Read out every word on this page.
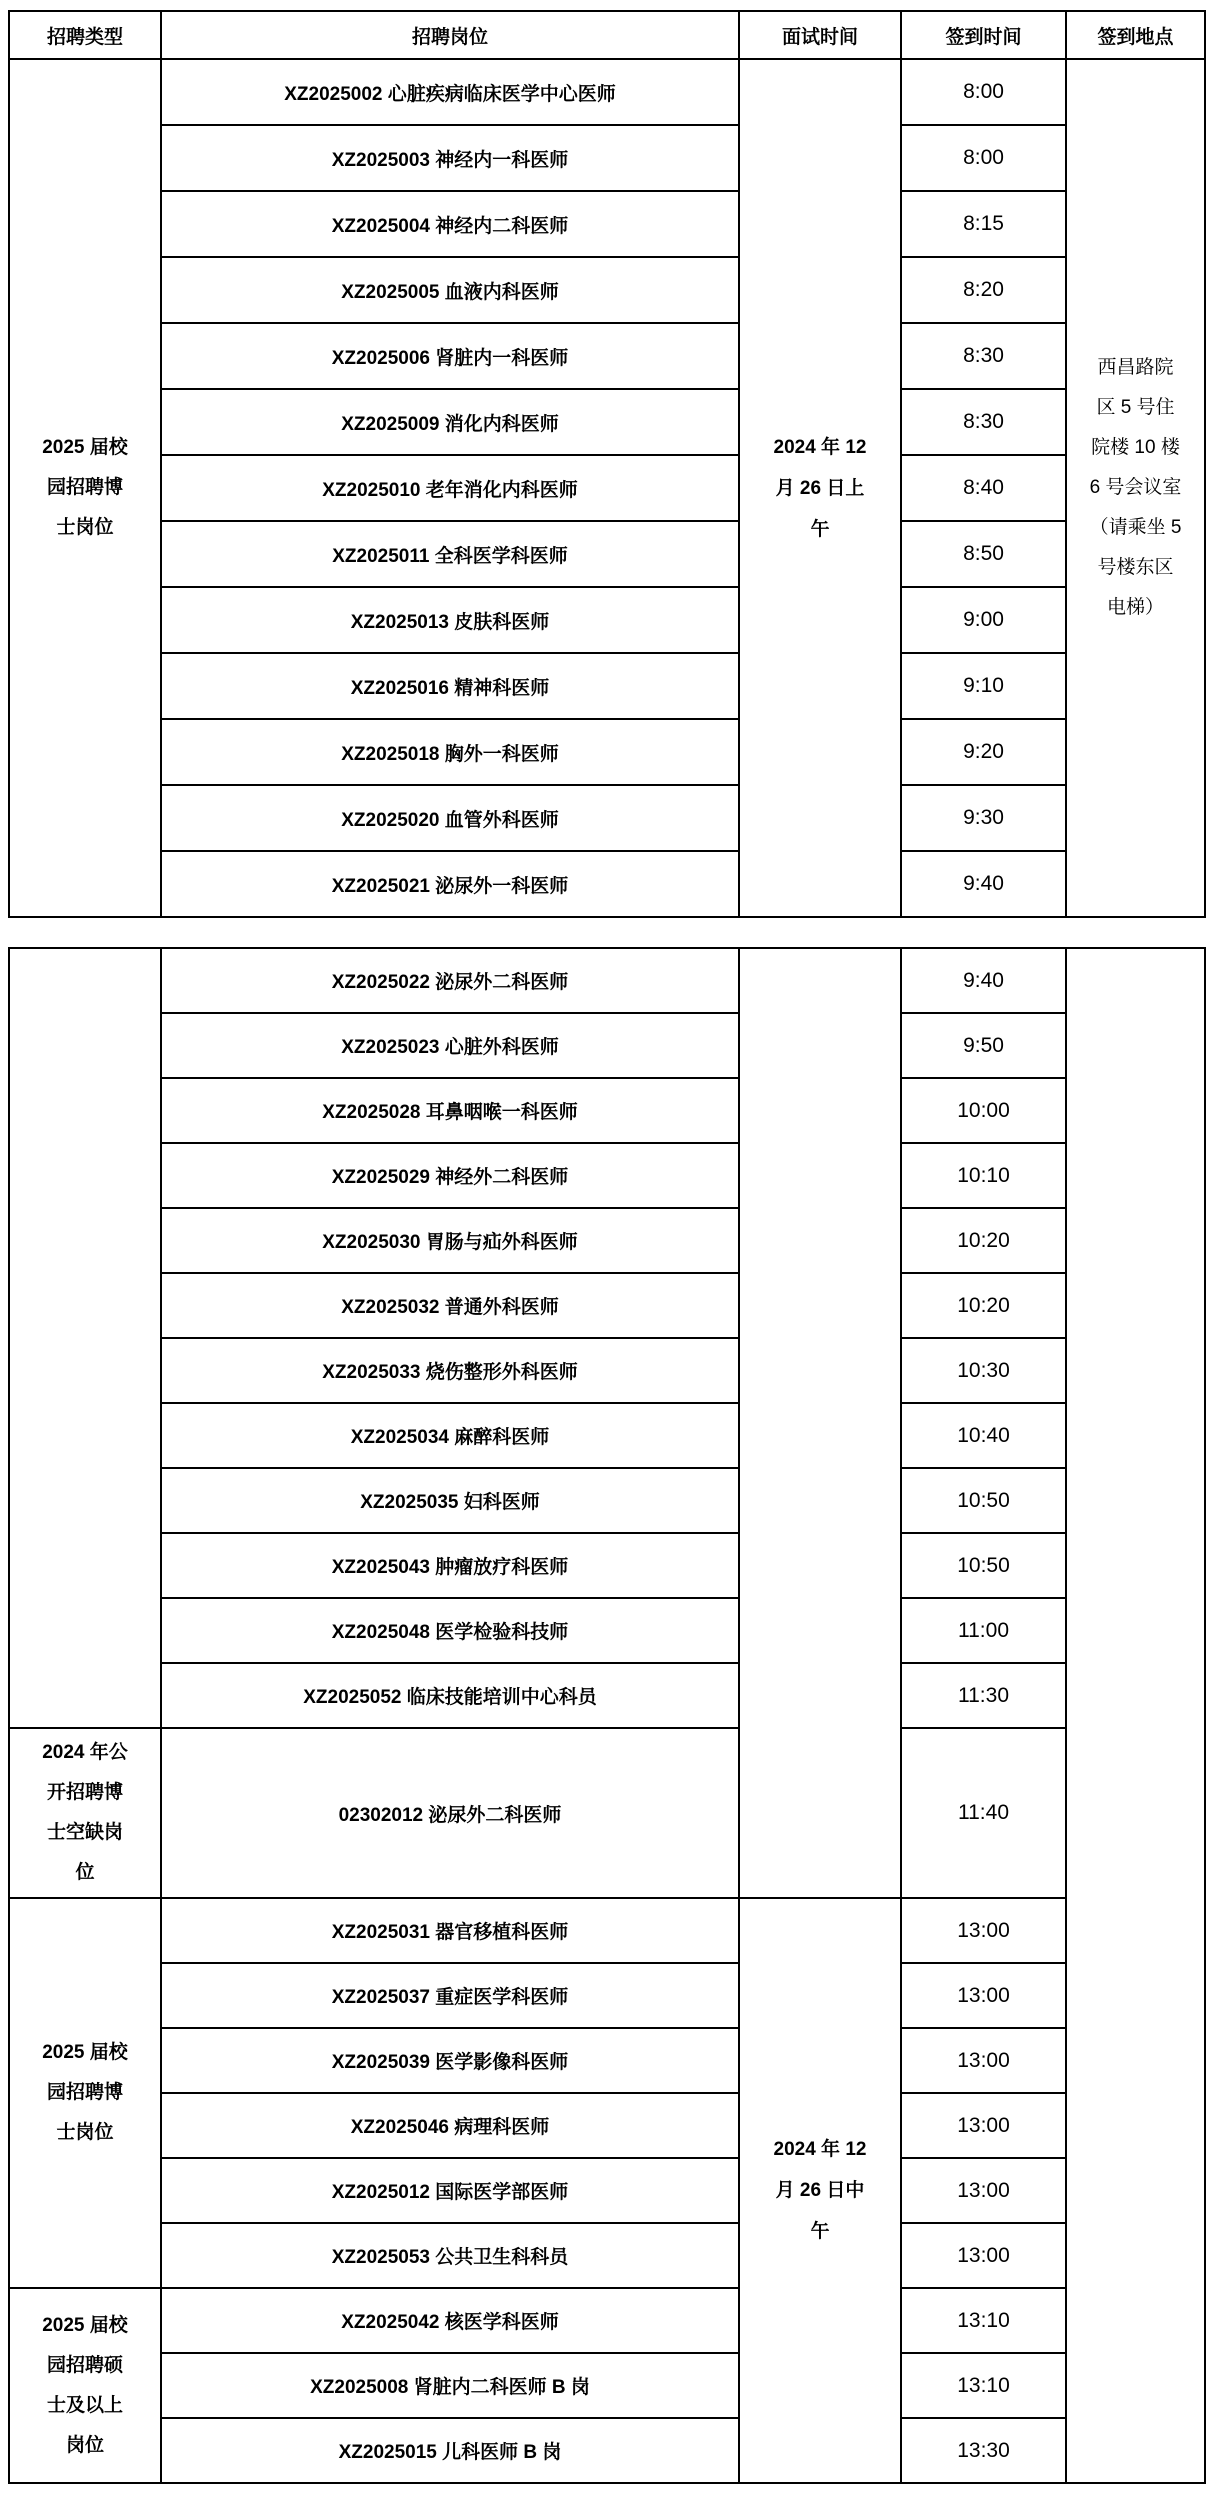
招聘类型	招聘岗位	面试时间	签到时间	签到地点

2025 届校园招聘博士岗位	XZ2025002 心脏疾病临床医学中心医师	2024 年 12 月 26 日上午	8:00	西昌路院区 5 号住院楼 10 楼 6 号会议室（请乘坐 5 号楼东区电梯）

	XZ2025003 神经内一科医师		8:00	
	XZ2025004 神经内二科医师		8:15	
	XZ2025005 血液内科医师		8:20	
	XZ2025006 肾脏内一科医师		8:30	
	XZ2025009 消化内科医师		8:30	
	XZ2025010 老年消化内科医师		8:40	
	XZ2025011 全科医学科医师		8:50	
	XZ2025013 皮肤科医师		9:00	
	XZ2025016 精神科医师		9:10	
	XZ2025018 胸外一科医师		9:20	
	XZ2025020 血管外科医师		9:30	
	XZ2025021 泌尿外一科医师		9:40	
	XZ2025022 泌尿外二科医师		9:40	
	XZ2025023 心脏外科医师		9:50	
	XZ2025028 耳鼻咽喉一科医师		10:00	
	XZ2025029 神经外二科医师		10:10	
	XZ2025030 胃肠与疝外科医师		10:20	
	XZ2025032 普通外科医师		10:20	
	XZ2025033 烧伤整形外科医师		10:30	
	XZ2025034 麻醉科医师		10:40	
	XZ2025035 妇科医师		10:50	
	XZ2025043 肿瘤放疗科医师		10:50	
	XZ2025048 医学检验科技师		11:00	
	XZ2025052 临床技能培训中心科员		11:30	

2024 年公开招聘博士空缺岗位	02302012 泌尿外二科医师		11:40	

2025 届校园招聘博士岗位	XZ2025031 器官移植科医师	2024 年 12 月 26 日中午	13:00	
	XZ2025037 重症医学科医师		13:00	
	XZ2025039 医学影像科医师		13:00	
	XZ2025046 病理科医师		13:00	
	XZ2025012 国际医学部医师		13:00	
	XZ2025053 公共卫生科科员		13:00	

2025 届校园招聘硕士及以上岗位	XZ2025042 核医学科医师		13:10	
	XZ2025008 肾脏内二科医师 B 岗		13:10	
	XZ2025015 儿科医师 B 岗		13:30	
